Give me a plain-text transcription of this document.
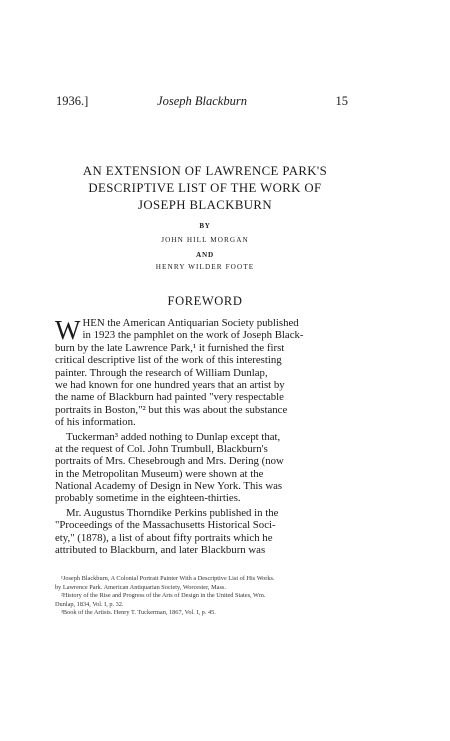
1936.]	Joseph Blackburn	15
AN EXTENSION OF LAWRENCE PARK'S
DESCRIPTIVE LIST OF THE WORK OF
JOSEPH BLACKBURN
BY
JOHN HILL MORGAN
AND
HENRY WILDER FOOTE
FOREWORD
W HEN the American Antiquarian Society published
in 1923 the pamphlet on the work of Joseph Black-
burn by the late Lawrence Park,¹ it furnished the first
critical descriptive list of the work of this interesting
painter. Through the research of William Dunlap,
we had known for one hundred years that an artist by
the name of Blackburn had painted "very respectable
portraits in Boston,"² but this was about the substance
of his information.
Tuckerman³ added nothing to Dunlap except that,
at the request of Col. John Trumbull, Blackburn's
portraits of Mrs. Chesebrough and Mrs. Dering (now
in the Metropolitan Museum) were shown at the
National Academy of Design in New York. This was
probably sometime in the eighteen-thirties.
Mr. Augustus Thorndike Perkins published in the
"Proceedings of the Massachusetts Historical Soci-
ety," (1878), a list of about fifty portraits which he
attributed to Blackburn, and later Blackburn was
¹Joseph Blackburn, A Colonial Portrait Painter With a Descriptive List of His Works.
by Lawrence Park. American Antiquarian Society, Worcester, Mass.
²History of the Rise and Progress of the Arts of Design in the United States, Wm.
Dunlap, 1834, Vol. I, p. 32.
³Book of the Artists. Henry T. Tuckerman, 1867, Vol. I, p. 45.
